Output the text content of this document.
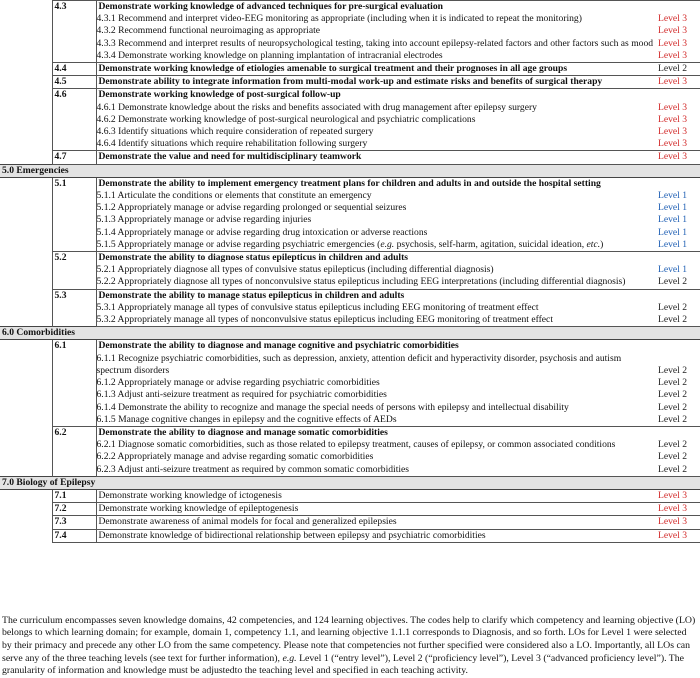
	4.3	Demonstrate working knowledge of advanced techniques for pre-surgical evaluation	
		4.3.1 Recommend and interpret video-EEG monitoring as appropriate (including when it is indicated to repeat the monitoring)	Level 3
		4.3.2 Recommend functional neuroimaging as appropriate	Level 3
		4.3.3 Recommend and interpret results of neuropsychological testing, taking into account epilepsy-related factors and other factors such as mood	Level 3
		4.3.4 Demonstrate working knowledge on planning implantation of intracranial electrodes	Level 3
	4.4	Demonstrate working knowledge of etiologies amenable to surgical treatment and their prognoses in all age groups	Level 2
	4.5	Demonstrate ability to integrate information from multi-modal work-up and estimate risks and benefits of surgical therapy	Level 3
	4.6	Demonstrate working knowledge of post-surgical follow-up	
		4.6.1 Demonstrate knowledge about the risks and benefits associated with drug management after epilepsy surgery	Level 3
		4.6.2 Demonstrate working knowledge of post-surgical neurological and psychiatric complications	Level 3
		4.6.3 Identify situations which require consideration of repeated surgery	Level 3
		4.6.4 Identify situations which require rehabilitation following surgery	Level 3
	4.7	Demonstrate the value and need for multidisciplinary teamwork	Level 3
5.0 Emergencies			
	5.1	Demonstrate the ability to implement emergency treatment plans for children and adults in and outside the hospital setting	
		5.1.1 Articulate the conditions or elements that constitute an emergency	Level 1
		5.1.2 Appropriately manage or advise regarding prolonged or sequential seizures	Level 1
		5.1.3 Appropriately manage or advise regarding injuries	Level 1
		5.1.4 Appropriately manage or advise regarding drug intoxication or adverse reactions	Level 1
		5.1.5 Appropriately manage or advise regarding psychiatric emergencies (e.g. psychosis, self-harm, agitation, suicidal ideation, etc.)	Level 1
	5.2	Demonstrate the ability to diagnose status epilepticus in children and adults	
		5.2.1 Appropriately diagnose all types of convulsive status epilepticus (including differential diagnosis)	Level 1
		5.2.2 Appropriately diagnose all types of nonconvulsive status epilepticus including EEG interpretations (including differential diagnosis)	Level 2
	5.3	Demonstrate the ability to manage status epilepticus in children and adults	
		5.3.1 Appropriately manage all types of convulsive status epilepticus including EEG monitoring of treatment effect	Level 2
		5.3.2 Appropriately manage all types of nonconvulsive status epilepticus including EEG monitoring of treatment effect	Level 2
6.0 Comorbidities			
	6.1	Demonstrate the ability to diagnose and manage cognitive and psychiatric comorbidities	
		6.1.1 Recognize psychiatric comorbidities, such as depression, anxiety, attention deficit and hyperactivity disorder, psychosis and autism spectrum disorders	Level 2
		6.1.2 Appropriately manage or advise regarding psychiatric comorbidities	Level 2
		6.1.3 Adjust anti-seizure treatment as required for psychiatric comorbidities	Level 2
		6.1.4 Demonstrate the ability to recognize and manage the special needs of persons with epilepsy and intellectual disability	Level 2
		6.1.5 Manage cognitive changes in epilepsy and the cognitive effects of AEDs	Level 2
	6.2	Demonstrate the ability to diagnose and manage somatic comorbidities	
		6.2.1 Diagnose somatic comorbidities, such as those related to epilepsy treatment, causes of epilepsy, or common associated conditions	Level 2
		6.2.2 Appropriately manage and advise regarding somatic comorbidities	Level 2
		6.2.3 Adjust anti-seizure treatment as required by common somatic comorbidities	Level 2
7.0 Biology of Epilepsy			
	7.1	Demonstrate working knowledge of ictogenesis	Level 3
	7.2	Demonstrate working knowledge of epileptogenesis	Level 3
	7.3	Demonstrate awareness of animal models for focal and generalized epilepsies	Level 3
	7.4	Demonstrate knowledge of bidirectional relationship between epilepsy and psychiatric comorbidities	Level 3

The curriculum encompasses seven knowledge domains, 42 competencies, and 124 learning objectives. The codes help to clarify which competency and learning objective (LO) belongs to which learning domain; for example, domain 1, competency 1.1, and learning objective 1.1.1 corresponds to Diagnosis, and so forth. LOs for Level 1 were selected by their primacy and precede any other LO from the same competency. Please note that competencies not further specified were considered also a LO. Importantly, all LOs can serve any of the three teaching levels (see text for further information), e.g. Level 1 (“entry level”), Level 2 (“proficiency level”), Level 3 (“advanced proficiency level”). The granularity of information and knowledge must be adjustedto the teaching level and specified in each teaching activity.
